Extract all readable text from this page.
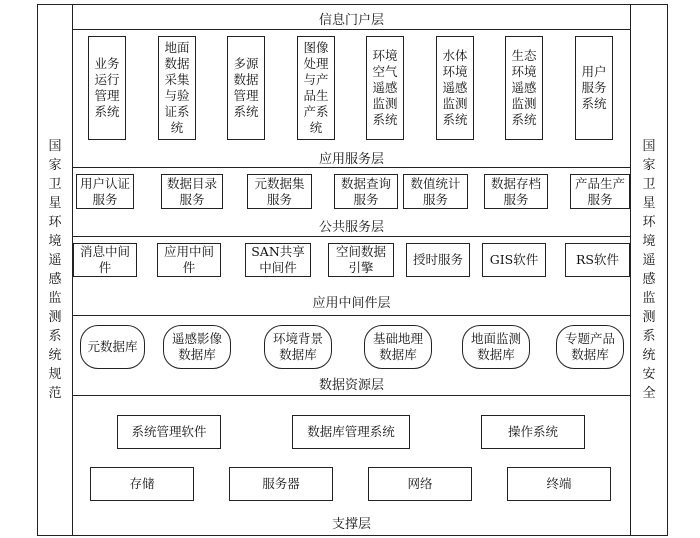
国
家
卫
星
环
境
遥
感
监
测
系
统
规
范
国
家
卫
星
环
境
遥
感
监
测
系
统
安
全
信息门户层
业务
运行
管理
系统
地面
数据
采集
与验
证系
统
多源
数据
管理
系统
图像
处理
与产
品生
产系
统
环境
空气
遥感
监测
系统
水体
环境
遥感
监测
系统
生态
环境
遥感
监测
系统
用户
服务
系统
应用服务层
用户认证
服务
数据目录
服务
元数据集
服务
数据查询
服务
数值统计
服务
数据存档
服务
产品生产
服务
公共服务层
消息中间
件
应用中间
件
SAN共享
中间件
空间数据
引擎
授时服务	GIS软件	RS软件
应用中间件层
元数据库
遥感影像
数据库
环境背景
数据库
基础地理
数据库
地面监测
数据库
专题产品
数据库
数据资源层
系统管理软件	数据库管理系统	操作系统
存储	服务器	网络	终端
支撑层
